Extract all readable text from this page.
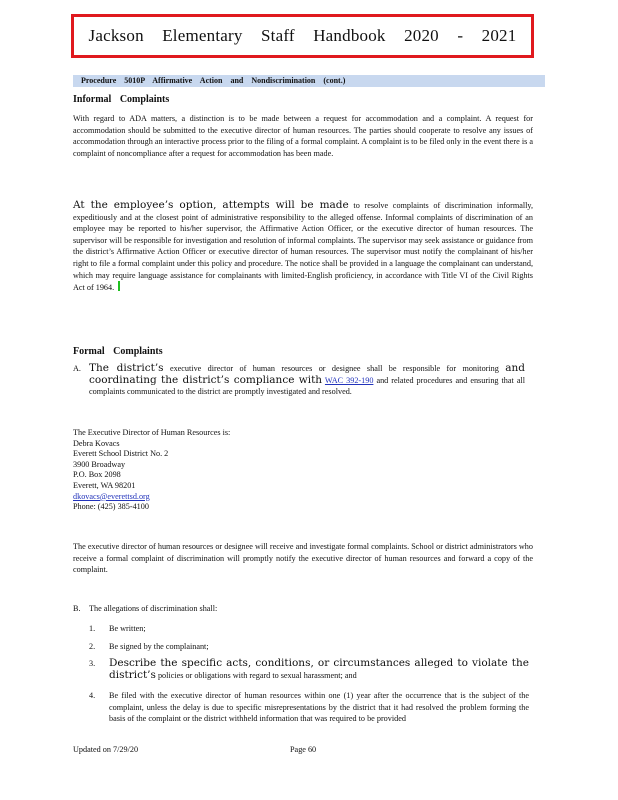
Jackson Elementary Staff Handbook 2020 - 2021
Procedure 5010P Affirmative Action and Nondiscrimination (cont.)
Informal Complaints
With regard to ADA matters, a distinction is to be made between a request for accommodation and a complaint. A request for accommodation should be submitted to the executive director of human resources. The parties should cooperate to resolve any issues of accommodation through an interactive process prior to the filing of a formal complaint. A complaint is to be filed only in the event there is a complaint of noncompliance after a request for accommodation has been made.
At the employee’s option, attempts will be made to resolve complaints of discrimination informally, expeditiously and at the closest point of administrative responsibility to the alleged offense. Informal complaints of discrimination of an employee may be reported to his/her supervisor, the Affirmative Action Officer, or the executive director of human resources. The supervisor will be responsible for investigation and resolution of informal complaints. The supervisor may seek assistance or guidance from the district’s Affirmative Action Officer or executive director of human resources. The supervisor must notify the complainant of his/her right to file a formal complaint under this policy and procedure. The notice shall be provided in a language the complainant can understand, which may require language assistance for complainants with limited-English proficiency, in accordance with Title VI of the Civil Rights Act of 1964.
Formal Complaints
A. The district’s executive director of human resources or designee shall be responsible for monitoring and coordinating the district’s compliance with WAC 392-190 and related procedures and ensuring that all complaints communicated to the district are promptly investigated and resolved.
The Executive Director of Human Resources is:
Debra Kovacs
Everett School District No. 2
3900 Broadway
P.O. Box 2098
Everett, WA 98201
dkovacs@everettsd.org
Phone: (425) 385-4100
The executive director of human resources or designee will receive and investigate formal complaints. School or district administrators who receive a formal complaint of discrimination will promptly notify the executive director of human resources and forward a copy of the complaint.
B. The allegations of discrimination shall:
1. Be written;
2. Be signed by the complainant;
3. Describe the specific acts, conditions, or circumstances alleged to violate the district’s policies or obligations with regard to sexual harassment; and
4. Be filed with the executive director of human resources within one (1) year after the occurrence that is the subject of the complaint, unless the delay is due to specific misrepresentations by the district that it had resolved the problem forming the basis of the complaint or the district withheld information that was required to be provided
Updated on 7/29/20	Page 60
